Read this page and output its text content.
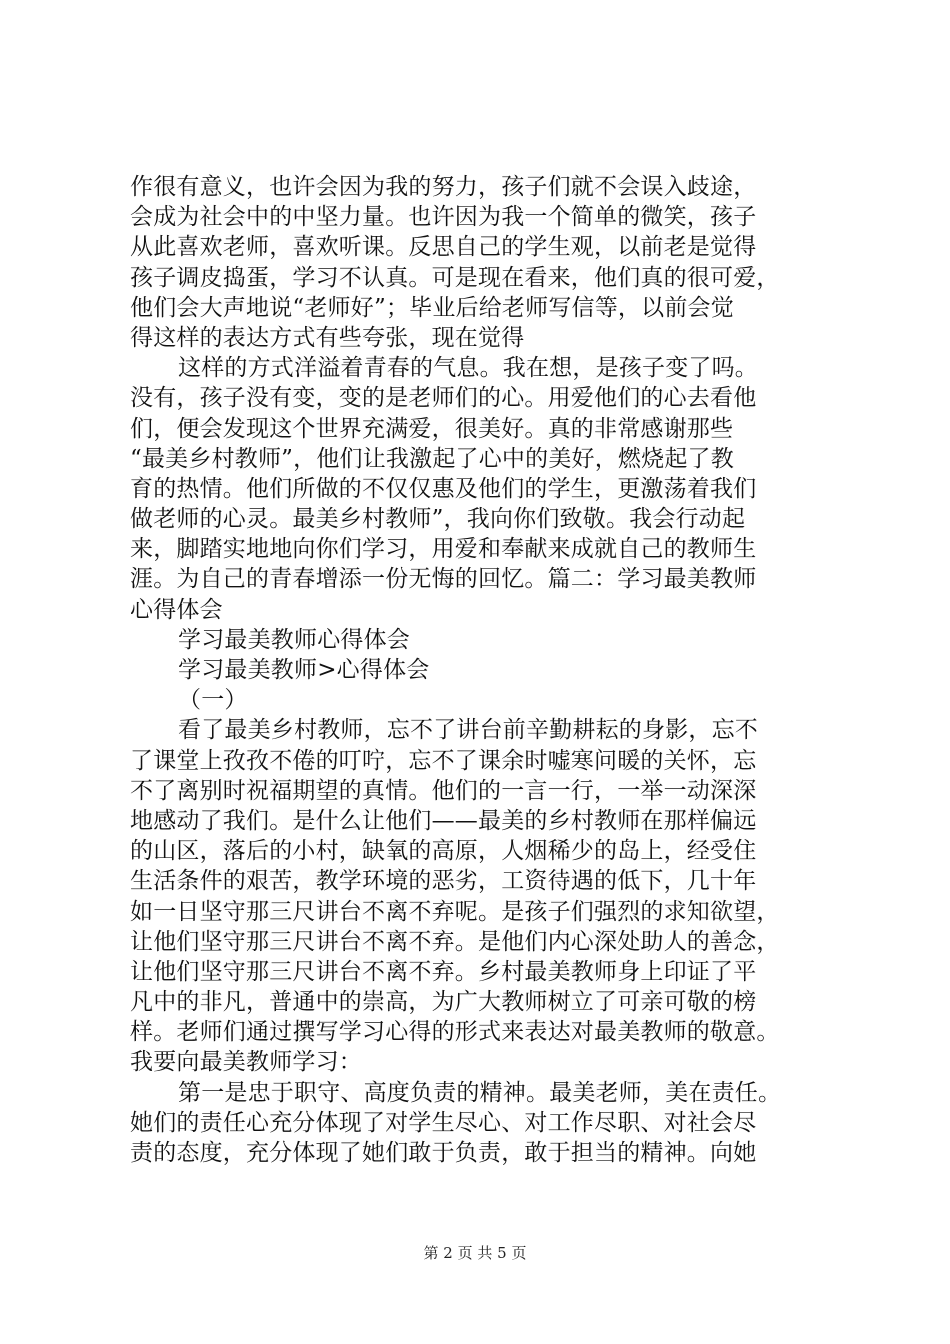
作很有意义，也许会因为我的努力，孩子们就不会误入歧途，
会成为社会中的中坚力量。也许因为我一个简单的微笑，孩子
从此喜欢老师，喜欢听课。反思自己的学生观，以前老是觉得
孩子调皮捣蛋，学习不认真。可是现在看来，他们真的很可爱，
他们会大声地说“老师好”；毕业后给老师写信等，以前会觉
得这样的表达方式有些夸张，现在觉得
这样的方式洋溢着青春的气息。我在想，是孩子变了吗。
没有，孩子没有变，变的是老师们的心。用爱他们的心去看他
们，便会发现这个世界充满爱，很美好。真的非常感谢那些
“最美乡村教师”，他们让我激起了心中的美好，燃烧起了教
育的热情。他们所做的不仅仅惠及他们的学生，更激荡着我们
做老师的心灵。最美乡村教师”，我向你们致敬。我会行动起
来，脚踏实地地向你们学习，用爱和奉献来成就自己的教师生
涯。为自己的青春增添一份无悔的回忆。篇二：学习最美教师
心得体会
学习最美教师心得体会
学习最美教师>心得体会
（一）
看了最美乡村教师，忘不了讲台前辛勤耕耘的身影，忘不
了课堂上孜孜不倦的叮咛，忘不了课余时嘘寒问暖的关怀，忘
不了离别时祝福期望的真情。他们的一言一行，一举一动深深
地感动了我们。是什么让他们——最美的乡村教师在那样偏远
的山区，落后的小村，缺氧的高原，人烟稀少的岛上，经受住
生活条件的艰苦，教学环境的恶劣，工资待遇的低下，几十年
如一日坚守那三尺讲台不离不弃呢。是孩子们强烈的求知欲望，
让他们坚守那三尺讲台不离不弃。是他们内心深处助人的善念，
让他们坚守那三尺讲台不离不弃。乡村最美教师身上印证了平
凡中的非凡，普通中的崇高，为广大教师树立了可亲可敬的榜
样。老师们通过撰写学习心得的形式来表达对最美教师的敬意。
我要向最美教师学习：
第一是忠于职守、高度负责的精神。最美老师，美在责任。
她们的责任心充分体现了对学生尽心、对工作尽职、对社会尽
责的态度，充分体现了她们敢于负责，敢于担当的精神。向她
第 2 页 共 5 页
